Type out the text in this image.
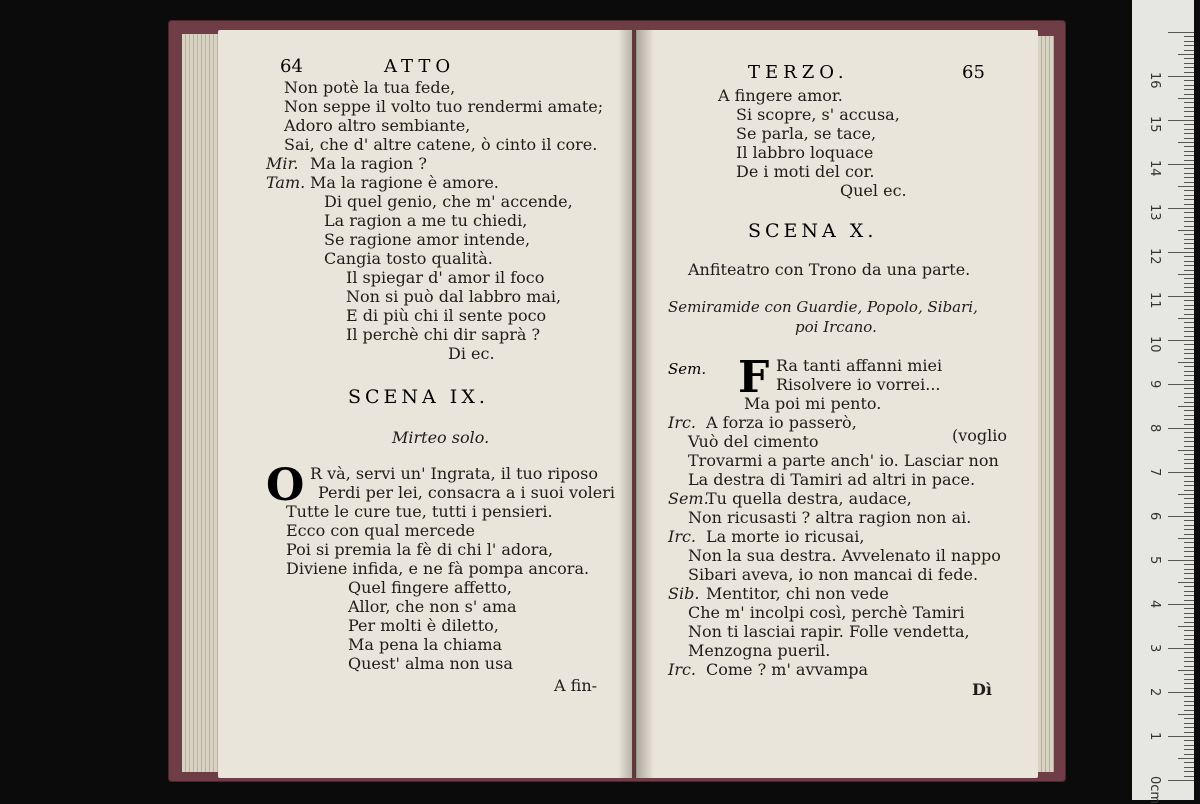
64	ATTO
Non potè la tua fede,
Non seppe il volto tuo rendermi amate;
Adoro altro sembiante,
Sai, che d' altre catene, ò cinto il core.
Mir. Ma la ragion ?
Tam. Ma la ragione è amore.
Di quel genio, che m' accende,
La ragion a me tu chiedi,
Se ragione amor intende,
Cangia tosto qualità.
Il spiegar d' amor il foco
Non si può dal labbro mai,
E di più chi il sente poco
Il perchè chi dir saprà ?
Di ec.
SCENA IX.
Mirteo solo.
O R và, servi un' Ingrata, il tuo riposo
Perdi per lei, consacra a i suoi voleri
Tutte le cure tue, tutti i pensieri.
Ecco con qual mercede
Poi si premia la fè di chi l' adora,
Diviene infida, e ne fà pompa ancora.
Quel fingere affetto,
Allor, che non s' ama
Per molti è diletto,
Ma pena la chiama
Quest' alma non usa
A fin-
TERZO.	65
A fingere amor.
Si scopre, s' accusa,
Se parla, se tace,
Il labbro loquace
De i moti del cor.
Quel ec.
SCENA X.
Anfiteatro con Trono da una parte.
Semiramide con Guardie, Popolo, Sibari,
poi Ircano.
Sem. F Ra tanti affanni miei
Risolvere io vorrei...
Ma poi mi pento.
Irc. A forza io passerò,
Vuò del cimento	(voglio
Trovarmi a parte anch' io. Lasciar non
La destra di Tamiri ad altri in pace.
Sem.
Tu quella destra, audace,
Non ricusasti ? altra ragion non ai.
Irc. La morte io ricusai,
Non la sua destra. Avvelenato il nappo
Sibari aveva, io non mancai di fede.
Sib. Mentitor, chi non vede
Che m' incolpi così, perchè Tamiri
Non ti lasciai rapir. Folle vendetta,
Menzogna pueril.
Irc. Come ? m' avvampa
Dì
0cm
1
2
3
4
5
6
7
8
9
10
11
12
13
14
15
16
